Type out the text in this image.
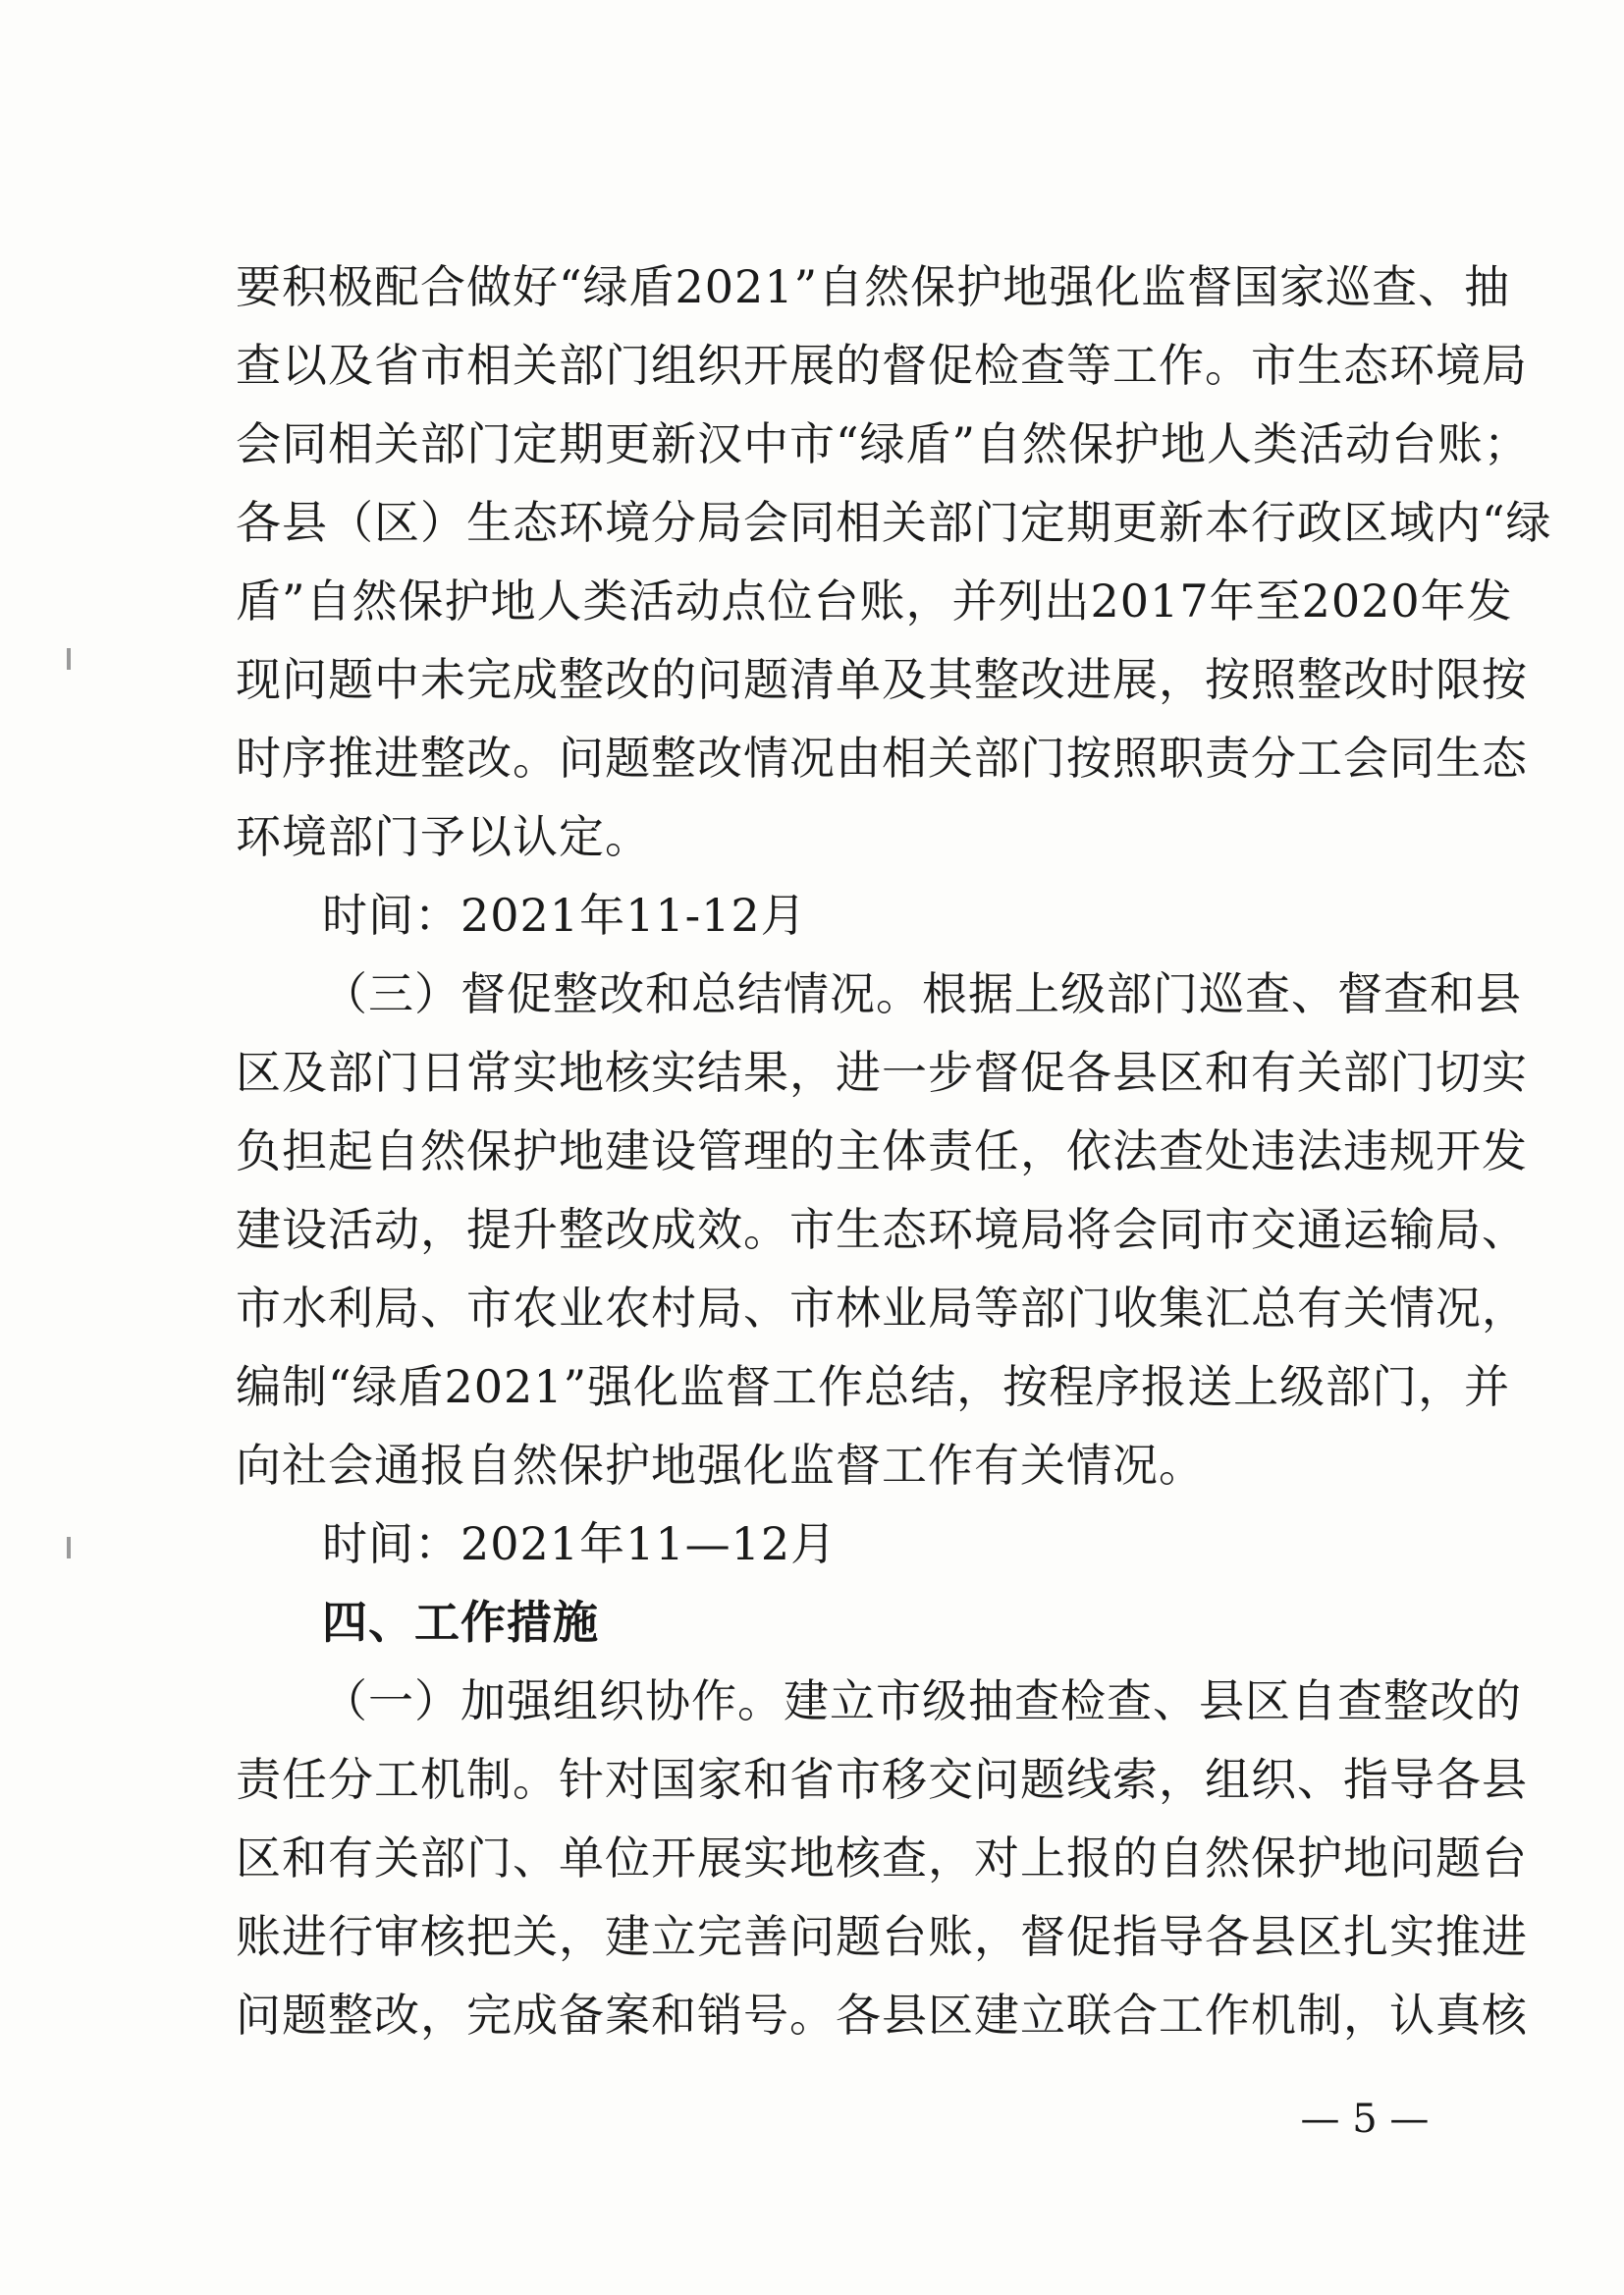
要积极配合做好“绿盾2021”自然保护地强化监督国家巡查、抽
查以及省市相关部门组织开展的督促检查等工作。市生态环境局
会同相关部门定期更新汉中市“绿盾”自然保护地人类活动台账；
各县（区）生态环境分局会同相关部门定期更新本行政区域内“绿
盾”自然保护地人类活动点位台账，并列出2017年至2020年发
现问题中未完成整改的问题清单及其整改进展，按照整改时限按
时序推进整改。问题整改情况由相关部门按照职责分工会同生态
环境部门予以认定。
时间：2021年11-12月
（三）督促整改和总结情况。根据上级部门巡查、督查和县
区及部门日常实地核实结果，进一步督促各县区和有关部门切实
负担起自然保护地建设管理的主体责任，依法查处违法违规开发
建设活动，提升整改成效。市生态环境局将会同市交通运输局、
市水利局、市农业农村局、市林业局等部门收集汇总有关情况，
编制“绿盾2021”强化监督工作总结，按程序报送上级部门，并
向社会通报自然保护地强化监督工作有关情况。
时间：2021年11—12月
四、工作措施
（一）加强组织协作。建立市级抽查检查、县区自查整改的
责任分工机制。针对国家和省市移交问题线索，组织、指导各县
区和有关部门、单位开展实地核查，对上报的自然保护地问题台
账进行审核把关，建立完善问题台账，督促指导各县区扎实推进
问题整改，完成备案和销号。各县区建立联合工作机制，认真核
— 5 —
